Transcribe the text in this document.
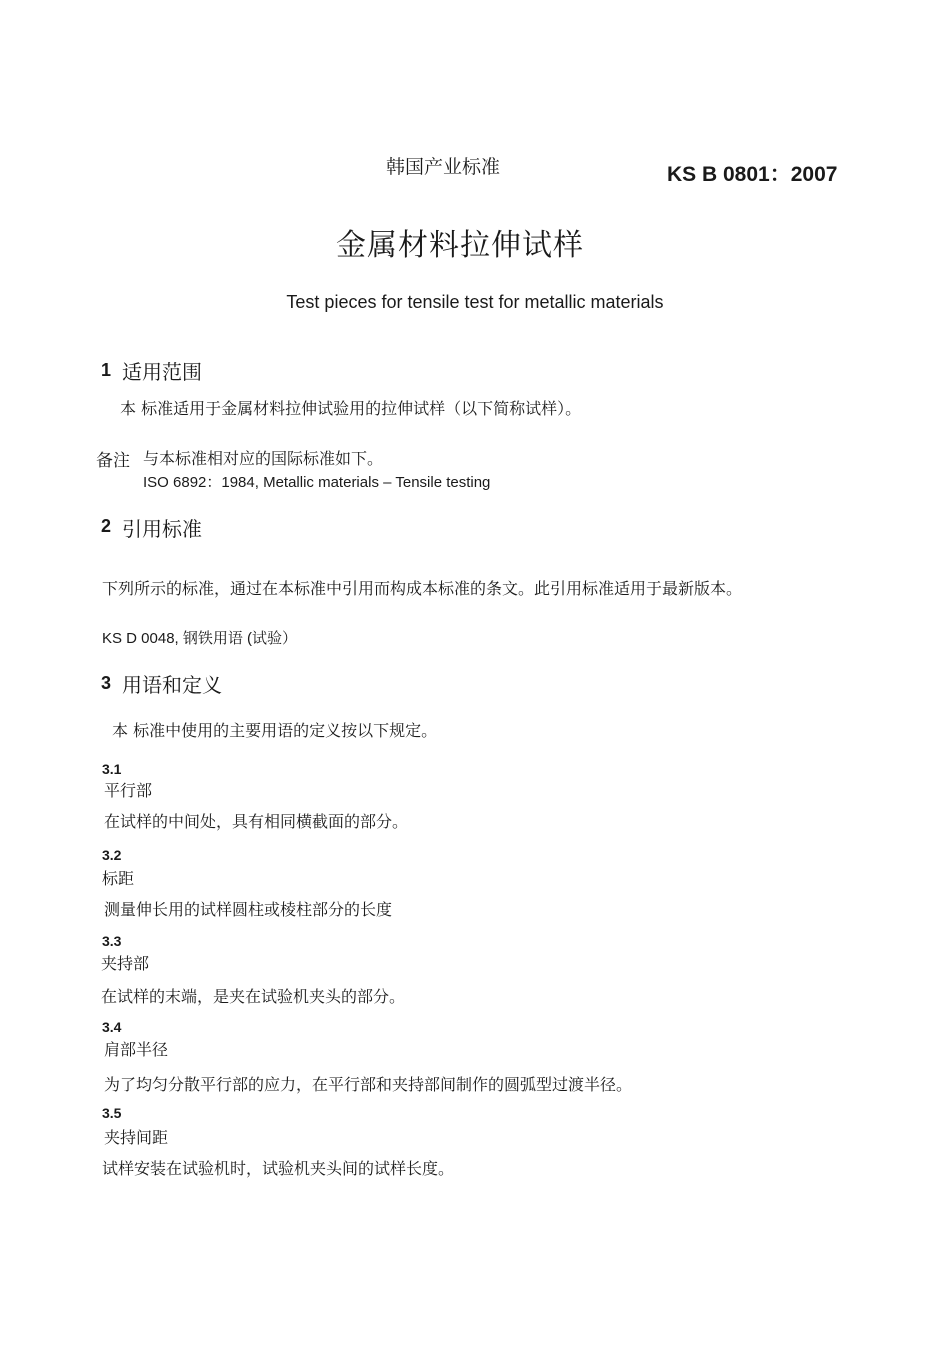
韩国产业标准	KS B 0801：2007
金属材料拉伸试样
Test pieces for tensile test for metallic materials
1 适用范围
本 标准适用于金属材料拉伸试验用的拉伸试样（以下简称试样）。
备注 与本标准相对应的国际标准如下。
ISO 6892：1984, Metallic materials – Tensile testing
2 引用标准
下列所示的标准，通过在本标准中引用而构成本标准的条文。此引用标准适用于最新版本。
KS D 0048, 钢铁用语 (试验）
3 用语和定义
本 标准中使用的主要用语的定义按以下规定。
3.1
平行部
在试样的中间处，具有相同横截面的部分。
3.2
标距
测量伸长用的试样圆柱或棱柱部分的长度
3.3
夹持部
在试样的末端，是夹在试验机夹头的部分。
3.4
肩部半径
为了均匀分散平行部的应力，在平行部和夹持部间制作的圆弧型过渡半径。
3.5
夹持间距
试样安装在试验机时，试验机夹头间的试样长度。
